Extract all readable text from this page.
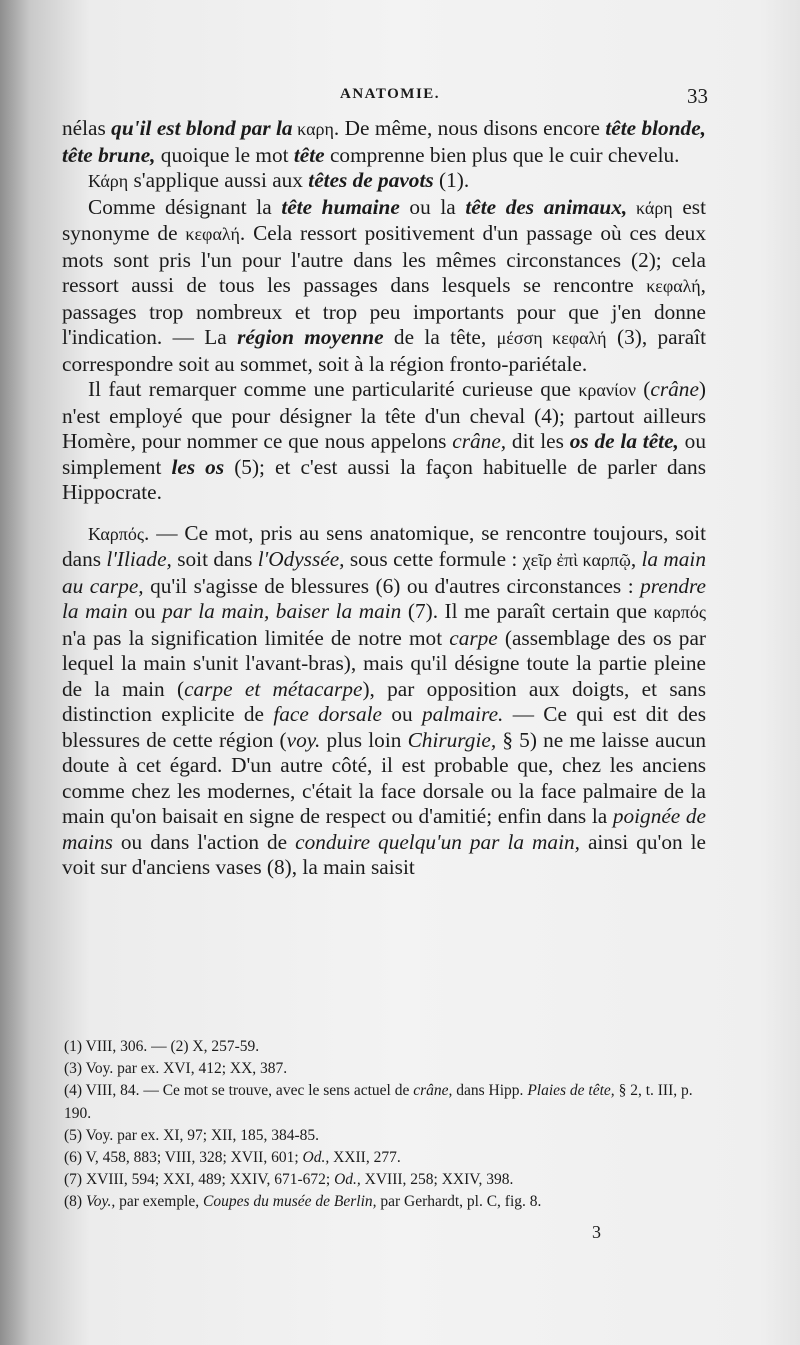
ANATOMIE.	33

nélas qu'il est blond par la καρη. De même, nous disons encore tête blonde, tête brune, quoique le mot tête comprenne bien plus que le cuir chevelu.

Κάρη s'applique aussi aux têtes de pavots (1).

Comme désignant la tête humaine ou la tête des animaux, κάρη est synonyme de κεφαλή. Cela ressort positivement d'un passage où ces deux mots sont pris l'un pour l'autre dans les mêmes circonstances (2); cela ressort aussi de tous les passages dans lesquels se rencontre κεφαλή, passages trop nombreux et trop peu importants pour que j'en donne l'indication. — La région moyenne de la tête, μέσση κεφαλή (3), paraît correspondre soit au sommet, soit à la région fronto-pariétale.

Il faut remarquer comme une particularité curieuse que κρανίον (crâne) n'est employé que pour désigner la tête d'un cheval (4); partout ailleurs Homère, pour nommer ce que nous appelons crâne, dit les os de la tête, ou simplement les os (5); et c'est aussi la façon habituelle de parler dans Hippocrate.

Καρπός. — Ce mot, pris au sens anatomique, se rencontre toujours, soit dans l'Iliade, soit dans l'Odyssée, sous cette formule : χεῖρ ἐπὶ καρπῷ, la main au carpe, qu'il s'agisse de blessures (6) ou d'autres circonstances : prendre la main ou par la main, baiser la main (7). Il me paraît certain que καρπός n'a pas la signification limitée de notre mot carpe (assemblage des os par lequel la main s'unit l'avant-bras), mais qu'il désigne toute la partie pleine de la main (carpe et métacarpe), par opposition aux doigts, et sans distinction explicite de face dorsale ou palmaire. — Ce qui est dit des blessures de cette région (voy. plus loin Chirurgie, § 5) ne me laisse aucun doute à cet égard. D'un autre côté, il est probable que, chez les anciens comme chez les modernes, c'était la face dorsale ou la face palmaire de la main qu'on baisait en signe de respect ou d'amitié; enfin dans la poignée de mains ou dans l'action de conduire quelqu'un par la main, ainsi qu'on le voit sur d'anciens vases (8), la main saisit

(1) VIII, 306. — (2) X, 257-59.

(3) Voy. par ex. XVI, 412; XX, 387.

(4) VIII, 84. — Ce mot se trouve, avec le sens actuel de crâne, dans Hipp. Plaies de tête, § 2, t. III, p. 190.

(5) Voy. par ex. XI, 97; XII, 185, 384-85.

(6) V, 458, 883; VIII, 328; XVII, 601; Od., XXII, 277.

(7) XVIII, 594; XXI, 489; XXIV, 671-672; Od., XVIII, 258; XXIV, 398.

(8) Voy., par exemple, Coupes du musée de Berlin, par Gerhardt, pl. C, fig. 8.

3
